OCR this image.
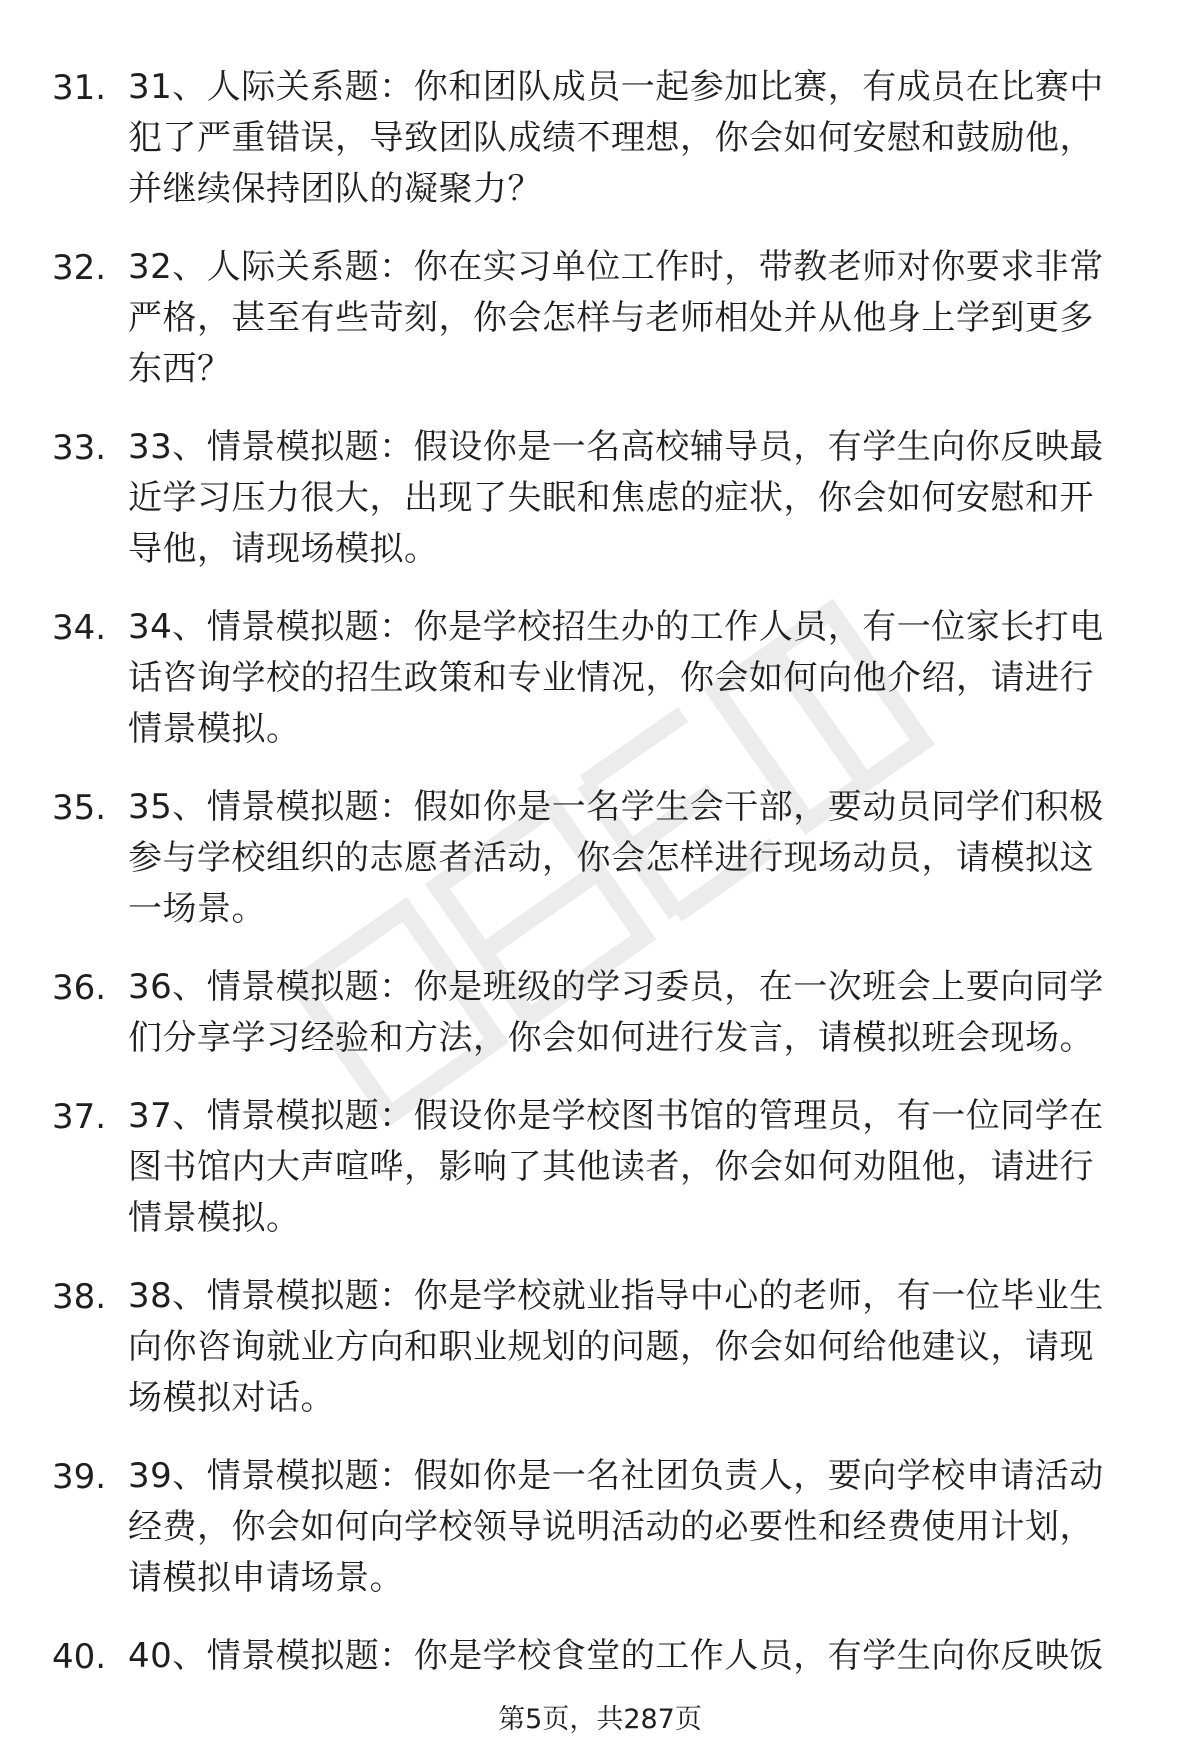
31. 31、人际关系题：你和团队成员一起参加比赛，有成员在比赛中
犯了严重错误，导致团队成绩不理想，你会如何安慰和鼓励他，
并继续保持团队的凝聚力？
32. 32、人际关系题：你在实习单位工作时，带教老师对你要求非常
严格，甚至有些苛刻，你会怎样与老师相处并从他身上学到更多
东西？
33. 33、情景模拟题：假设你是一名高校辅导员，有学生向你反映最
近学习压力很大，出现了失眠和焦虑的症状，你会如何安慰和开
导他，请现场模拟。
34. 34、情景模拟题：你是学校招生办的工作人员，有一位家长打电
话咨询学校的招生政策和专业情况，你会如何向他介绍，请进行
情景模拟。
35. 35、情景模拟题：假如你是一名学生会干部，要动员同学们积极
参与学校组织的志愿者活动，你会怎样进行现场动员，请模拟这
一场景。
36. 36、情景模拟题：你是班级的学习委员，在一次班会上要向同学
们分享学习经验和方法，你会如何进行发言，请模拟班会现场。
37. 37、情景模拟题：假设你是学校图书馆的管理员，有一位同学在
图书馆内大声喧哗，影响了其他读者，你会如何劝阻他，请进行
情景模拟。
38. 38、情景模拟题：你是学校就业指导中心的老师，有一位毕业生
向你咨询就业方向和职业规划的问题，你会如何给他建议，请现
场模拟对话。
39. 39、情景模拟题：假如你是一名社团负责人，要向学校申请活动
经费，你会如何向学校领导说明活动的必要性和经费使用计划，
请模拟申请场景。
40. 40、情景模拟题：你是学校食堂的工作人员，有学生向你反映饭
第5页，共287页
